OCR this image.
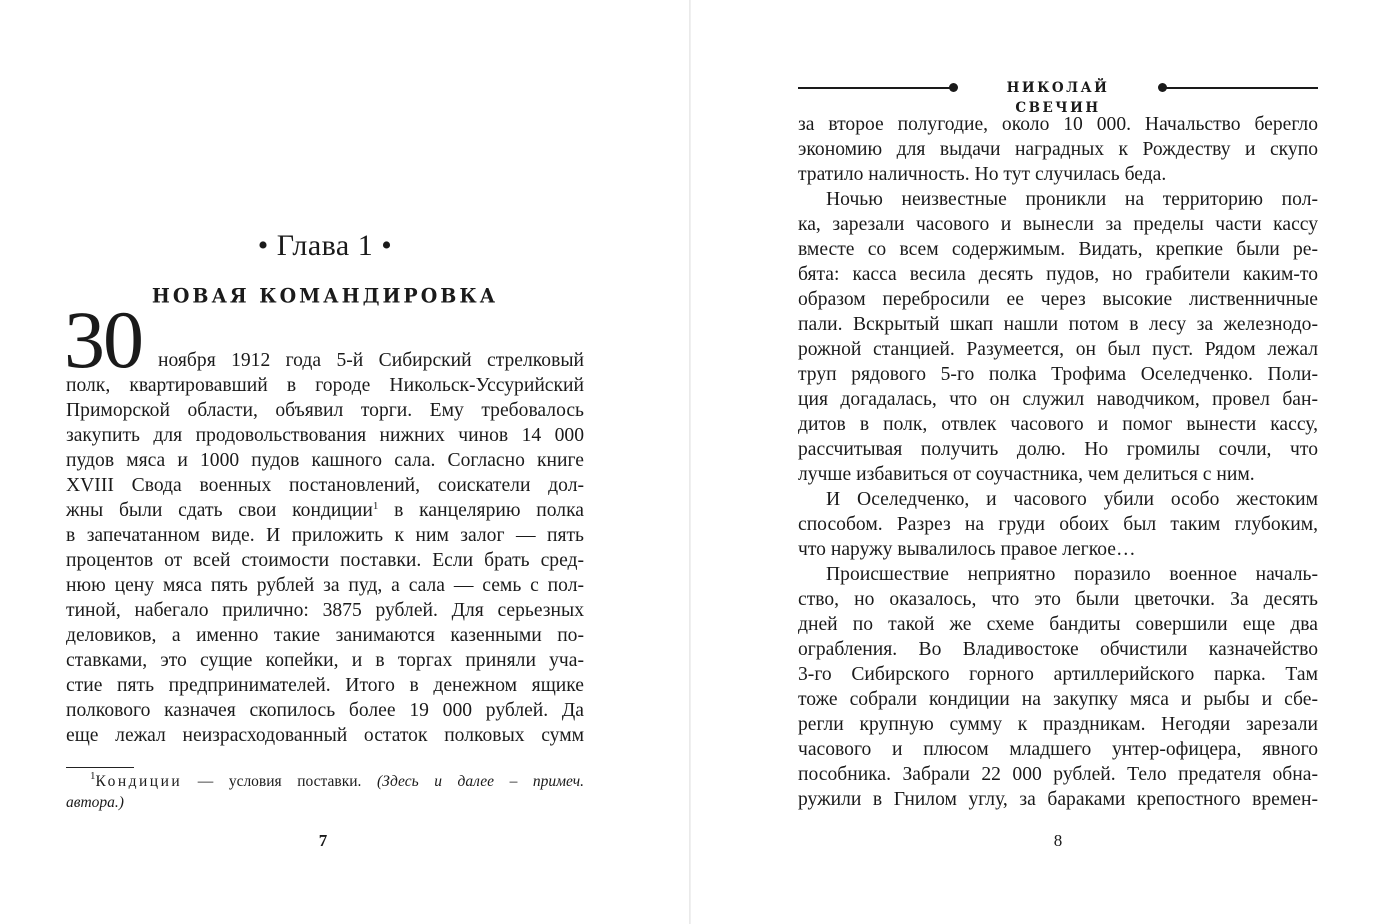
• Глава 1 •
НОВАЯ КОМАНДИРОВКА
30 ноября 1912 года 5-й Сибирский стрелковый
полк, квартировавший в городе Никольск-Уссурийский
Приморской области, объявил торги. Ему требовалось
закупить для продовольствования нижних чинов 14 000
пудов мяса и 1000 пудов кашного сала. Согласно книге
XVIII Свода военных постановлений, соискатели дол-
жны были сдать свои кондиции$^1$ в канцелярию полка
в запечатанном виде. И приложить к ним залог — пять
процентов от всей стоимости поставки. Если брать сред-
нюю цену мяса пять рублей за пуд, а сала — семь с пол-
тиной, набегало прилично: 3875 рублей. Для серьезных
деловиков, а именно такие занимаются казенными по-
ставками, это сущие копейки, и в торгах приняли уча-
стие пять предпринимателей. Итого в денежном ящике
полкового казначея скопилось более 19 000 рублей. Да
еще лежал неизрасходованный остаток полковых сумм
$^1$Кондиции — условия поставки. (Здесь и далее – примеч.
автора.)
7
НИКОЛАЙ СВЕЧИН
за второе полугодие, около 10 000. Начальство берегло
экономию для выдачи наградных к Рождеству и скупо
тратило наличность. Но тут случилась беда.
Ночью неизвестные проникли на территорию пол-
ка, зарезали часового и вынесли за пределы части кассу
вместе со всем содержимым. Видать, крепкие были ре-
бята: касса весила десять пудов, но грабители каким-то
образом перебросили ее через высокие лиственничные
пали. Вскрытый шкап нашли потом в лесу за железнодо-
рожной станцией. Разумеется, он был пуст. Рядом лежал
труп рядового 5-го полка Трофима Оселедченко. Поли-
ция догадалась, что он служил наводчиком, провел бан-
дитов в полк, отвлек часового и помог вынести кассу,
рассчитывая получить долю. Но громилы сочли, что
лучше избавиться от соучастника, чем делиться с ним.
И Оселедченко, и часового убили особо жестоким
способом. Разрез на груди обоих был таким глубоким,
что наружу вывалилось правое легкое…
Происшествие неприятно поразило военное началь-
ство, но оказалось, что это были цветочки. За десять
дней по такой же схеме бандиты совершили еще два
ограбления. Во Владивостоке обчистили казначейство
3-го Сибирского горного артиллерийского парка. Там
тоже собрали кондиции на закупку мяса и рыбы и сбе-
регли крупную сумму к праздникам. Негодяи зарезали
часового и плюсом младшего унтер-офицера, явного
пособника. Забрали 22 000 рублей. Тело предателя обна-
ружили в Гнилом углу, за бараками крепостного времен-
8
